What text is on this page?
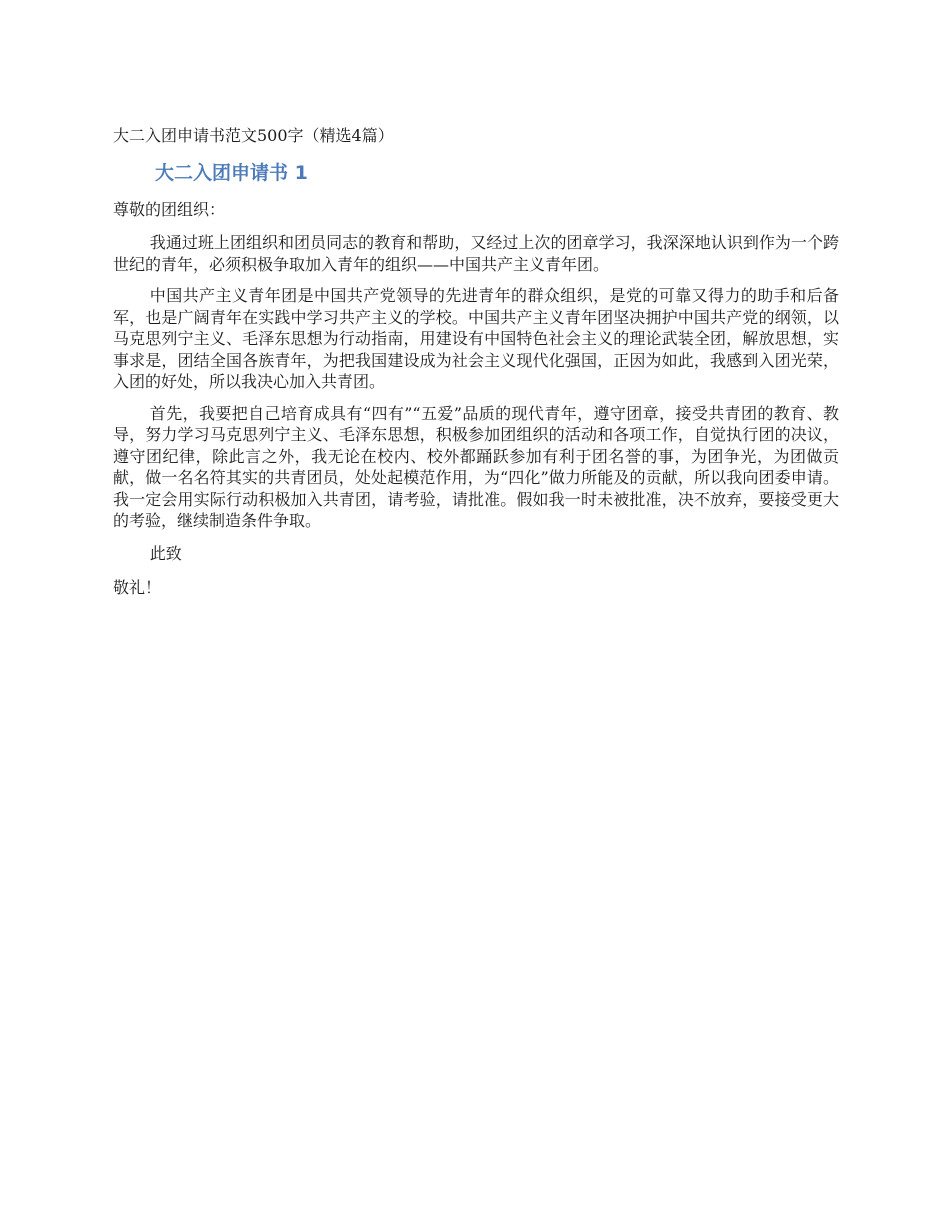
大二入团申请书范文500字（精选4篇）

大二入团申请书 1

尊敬的团组织：

我通过班上团组织和团员同志的教育和帮助，又经过上次的团章学习，我深深地认识到作为一个跨世纪的青年，必须积极争取加入青年的组织——中国共产主义青年团。

中国共产主义青年团是中国共产党领导的先进青年的群众组织，是党的可靠又得力的助手和后备军，也是广阔青年在实践中学习共产主义的学校。中国共产主义青年团坚决拥护中国共产党的纲领，以马克思列宁主义、毛泽东思想为行动指南，用建设有中国特色社会主义的理论武装全团，解放思想，实事求是，团结全国各族青年，为把我国建设成为社会主义现代化强国，正因为如此，我感到入团光荣，入团的好处，所以我决心加入共青团。

首先，我要把自己培育成具有“四有”“五爱”品质的现代青年，遵守团章，接受共青团的教育、教导，努力学习马克思列宁主义、毛泽东思想，积极参加团组织的活动和各项工作，自觉执行团的决议，遵守团纪律，除此言之外，我无论在校内、校外都踊跃参加有利于团名誉的事，为团争光，为团做贡献，做一名名符其实的共青团员，处处起模范作用，为“四化”做力所能及的贡献，所以我向团委申请。我一定会用实际行动积极加入共青团，请考验，请批准。假如我一时未被批准，决不放弃，要接受更大的考验，继续制造条件争取。

此致

敬礼！
